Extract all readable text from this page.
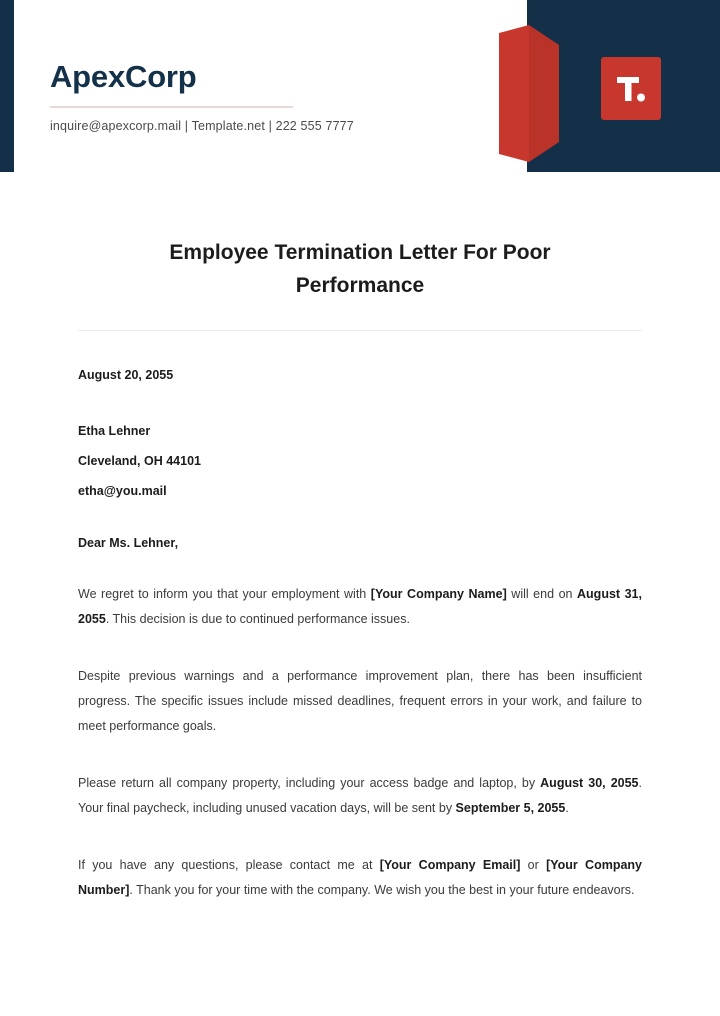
ApexCorp
inquire@apexcorp.mail | Template.net | 222 555 7777
Employee Termination Letter For Poor Performance
August 20, 2055
Etha Lehner
Cleveland, OH 44101
etha@you.mail
Dear Ms. Lehner,
We regret to inform you that your employment with [Your Company Name] will end on August 31, 2055. This decision is due to continued performance issues.
Despite previous warnings and a performance improvement plan, there has been insufficient progress. The specific issues include missed deadlines, frequent errors in your work, and failure to meet performance goals.
Please return all company property, including your access badge and laptop, by August 30, 2055. Your final paycheck, including unused vacation days, will be sent by September 5, 2055.
If you have any questions, please contact me at [Your Company Email] or [Your Company Number]. Thank you for your time with the company. We wish you the best in your future endeavors.
